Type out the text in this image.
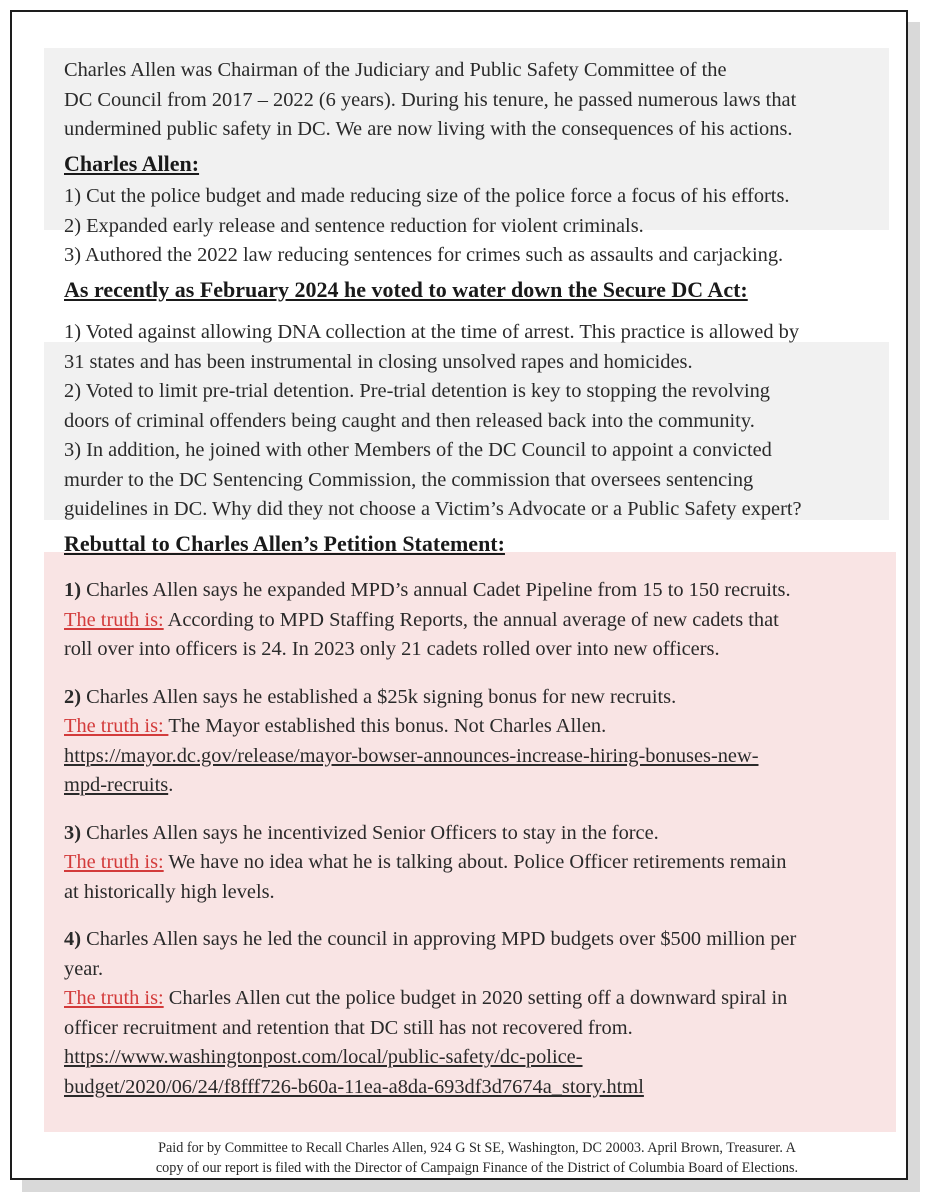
Charles Allen was Chairman of the Judiciary and Public Safety Committee of the

DC Council from 2017 – 2022 (6 years). During his tenure, he passed numerous laws that

undermined public safety in DC. We are now living with the consequences of his actions.

Charles Allen:

1) Cut the police budget and made reducing size of the police force a focus of his efforts.

2) Expanded early release and sentence reduction for violent criminals.

3) Authored the 2022 law reducing sentences for crimes such as assaults and carjacking.

As recently as February 2024 he voted to water down the Secure DC Act:

1) Voted against allowing DNA collection at the time of arrest. This practice is allowed by

31 states and has been instrumental in closing unsolved rapes and homicides.

2) Voted to limit pre-trial detention. Pre-trial detention is key to stopping the revolving

doors of criminal offenders being caught and then released back into the community.

3) In addition, he joined with other Members of the DC Council to appoint a convicted

murder to the DC Sentencing Commission, the commission that oversees sentencing

guidelines in DC. Why did they not choose a Victim’s Advocate or a Public Safety expert?

Rebuttal to Charles Allen’s Petition Statement:

1) Charles Allen says he expanded MPD’s annual Cadet Pipeline from 15 to 150 recruits.

The truth is: According to MPD Staffing Reports, the annual average of new cadets that

roll over into officers is 24. In 2023 only 21 cadets rolled over into new officers.

2) Charles Allen says he established a $25k signing bonus for new recruits.

The truth is: The Mayor established this bonus. Not Charles Allen.

https://mayor.dc.gov/release/mayor-bowser-announces-increase-hiring-bonuses-new-

mpd-recruits.

3) Charles Allen says he incentivized Senior Officers to stay in the force.

The truth is: We have no idea what he is talking about. Police Officer retirements remain

at historically high levels.

4) Charles Allen says he led the council in approving MPD budgets over $500 million per

year.

The truth is: Charles Allen cut the police budget in 2020 setting off a downward spiral in

officer recruitment and retention that DC still has not recovered from.

https://www.washingtonpost.com/local/public-safety/dc-police-

budget/2020/06/24/f8fff726-b60a-11ea-a8da-693df3d7674a_story.html

Paid for by Committee to Recall Charles Allen, 924 G St SE, Washington, DC 20003. April Brown, Treasurer. A
copy of our report is filed with the Director of Campaign Finance of the District of Columbia Board of Elections.
